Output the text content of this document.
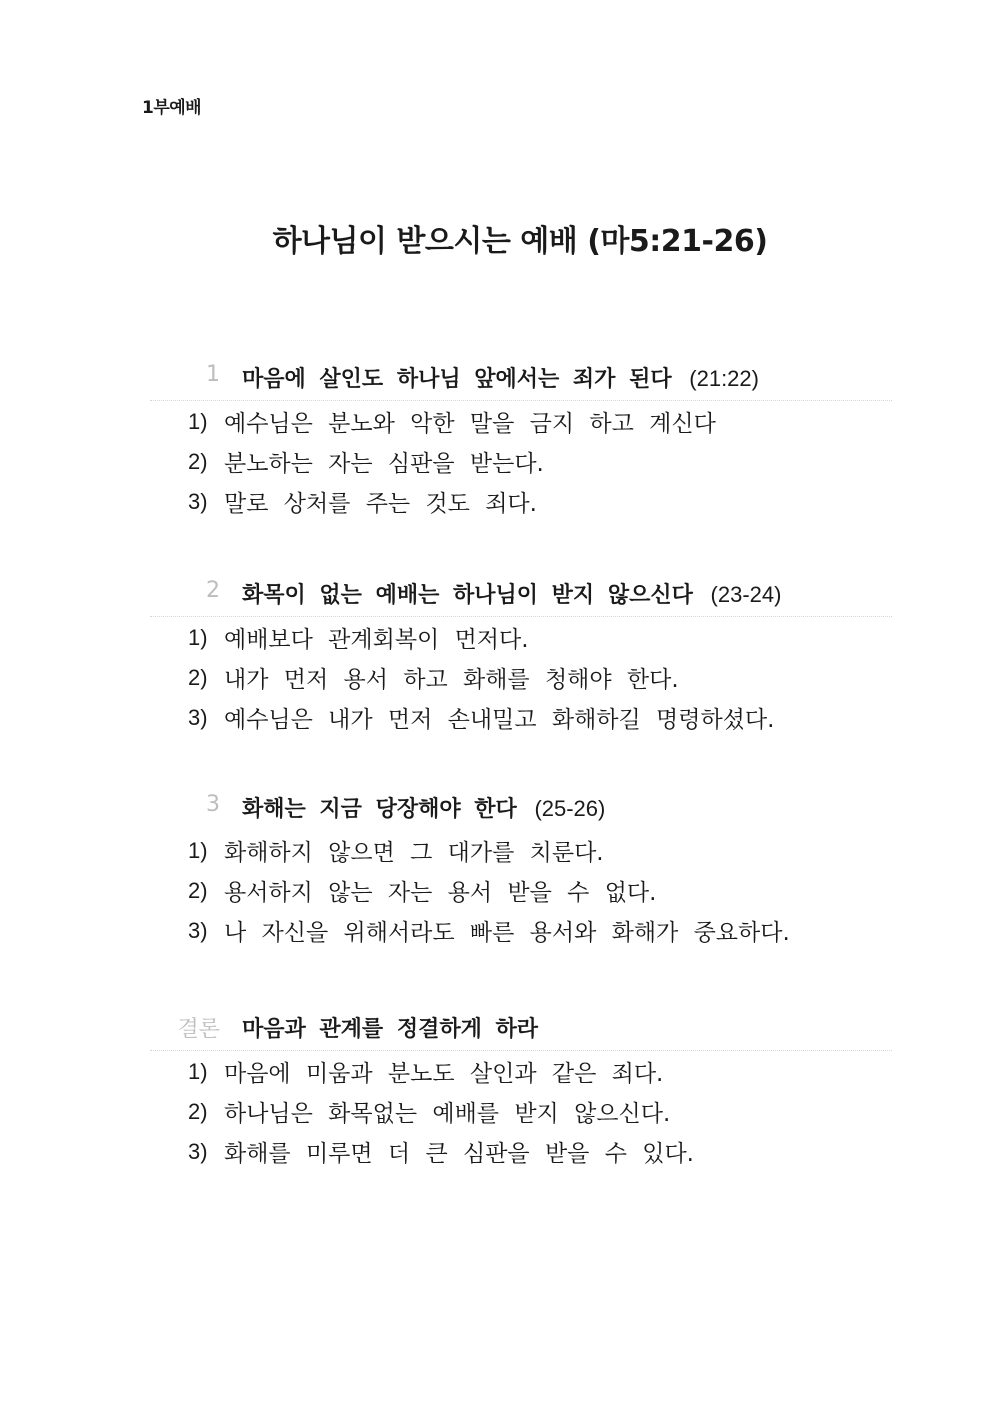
1부예배
하나님이 받으시는 예배 (마5:21-26)
1 마음에 살인도 하나님 앞에서는 죄가 된다 (21:22)
1) 예수님은 분노와 악한 말을 금지 하고 계신다
2) 분노하는 자는 심판을 받는다.
3) 말로 상처를 주는 것도 죄다.
2 화목이 없는 예배는 하나님이 받지 않으신다 (23-24)
1) 예배보다 관계회복이 먼저다.
2) 내가 먼저 용서 하고 화해를 청해야 한다.
3) 예수님은 내가 먼저 손내밀고 화해하길 명령하셨다.
3 화해는 지금 당장해야 한다 (25-26)
1) 화해하지 않으면 그 대가를 치룬다.
2) 용서하지 않는 자는 용서 받을 수 없다.
3) 나 자신을 위해서라도 빠른 용서와 화해가 중요하다.
결론 마음과 관계를 정결하게 하라
1) 마음에 미움과 분노도 살인과 같은 죄다.
2) 하나님은 화목없는 예배를 받지 않으신다.
3) 화해를 미루면 더 큰 심판을 받을 수 있다.
